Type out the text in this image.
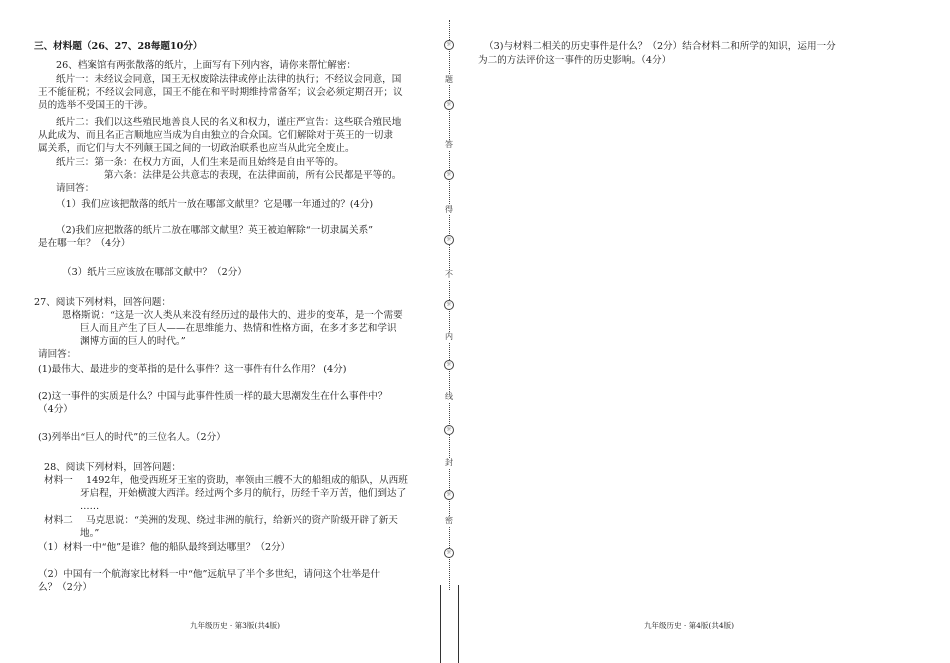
三、材料题（26、27、28每题10分）
26、档案馆有两张散落的纸片，上面写有下列内容，请你来帮忙解密：
纸片一：未经议会同意，国王无权废除法律或停止法律的执行；不经议会同意，国
王不能征税；不经议会同意，国王不能在和平时期维持常备军；议会必须定期召开；议
员的选举不受国王的干涉。
纸片二：我们以这些殖民地善良人民的名义和权力，谨庄严宣告：这些联合殖民地
从此成为、而且名正言顺地应当成为自由独立的合众国。它们解除对于英王的一切隶
属关系，而它们与大不列颠王国之间的一切政治联系也应当从此完全废止。
纸片三：第一条：在权力方面，人们生来是而且始终是自由平等的。
第六条：法律是公共意志的表现，在法律面前，所有公民都是平等的。
请回答：
（1）我们应该把散落的纸片一放在哪部文献里？它是哪一年通过的？(4分)
（2)我们应把散落的纸片二放在哪部文献里？英王被迫解除“一切隶属关系”
是在哪一年？（4分）
（3）纸片三应该放在哪部文献中？（2分）
27、阅读下列材料，回答问题：
恩格斯说：“这是一次人类从来没有经历过的最伟大的、进步的变革，是一个需要
巨人而且产生了巨人——在思维能力、热情和性格方面，在多才多艺和学识
渊博方面的巨人的时代。”
请回答：
(1)最伟大、最进步的变革指的是什么事件？这一事件有什么作用？ (4分)
(2)这一事件的实质是什么？中国与此事件性质一样的最大思潮发生在什么事件中？
（4分）
(3)列举出“巨人的时代”的三位名人。（2分）
28、阅读下列材料，回答问题：
材料一 1492年，他受西班牙王室的资助，率领由三艘不大的船组成的船队，从西班
牙启程，开始横渡大西洋。经过两个多月的航行，历经千辛万苦，他们到达了
……
材料二 马克思说：“美洲的发现、绕过非洲的航行，给新兴的资产阶级开辟了新天
地。”
（1）材料一中“他”是谁？他的船队最终到达哪里？（2分）
（2）中国有一个航海家比材料一中“他”远航早了半个多世纪，请问这个壮举是什
么？（2分）
九年级历史 · 第3版(共4版)
☼
题
☼
答
☼
得
☼
不
☼
内
☼
线
☼
封
☼
密
☼
（3)与材料二相关的历史事件是什么？（2分）结合材料二和所学的知识，运用一分
为二的方法评价这一事件的历史影响。（4分）
九年级历史 · 第4版(共4版)
